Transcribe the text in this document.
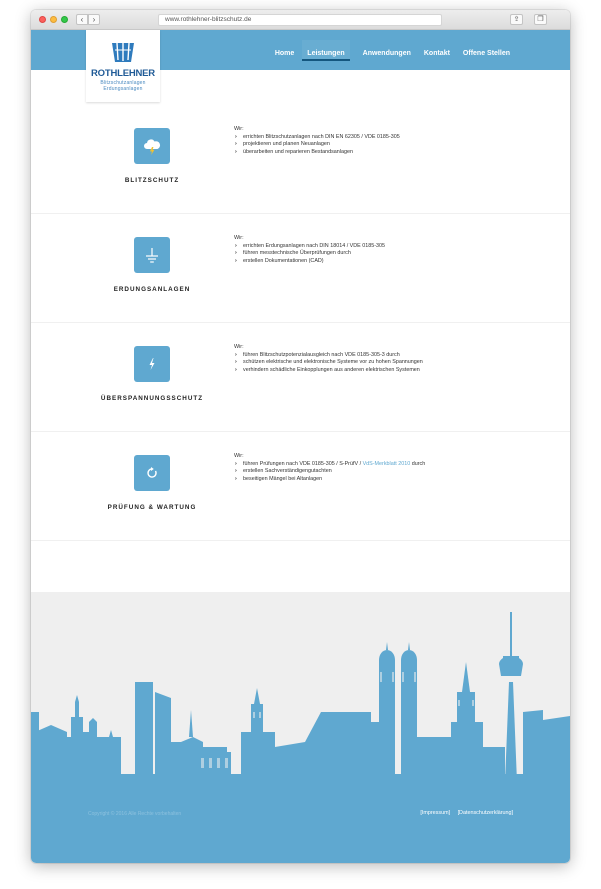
‹	›	www.rothlehner-blitzschutz.de	⇪	❐
ROTHLEHNER
Blitzschutzanlagen
Erdungsanlagen
Home	Leistungen	Anwendungen Kontakt Offene Stellen
BLITZSCHUTZ
Wir:
› errichten Blitzschutzanlagen nach DIN EN 62305 / VDE 0185-305
› projektieren und planen Neuanlagen
› überarbeiten und reparieren Bestandsanlagen
ERDUNGSANLAGEN
Wir:
› errichten Erdungsanlagen nach DIN 18014 / VDE 0185-305
› führen messtechnische Überprüfungen durch
› erstellen Dokumentationen (CAD)
ÜBERSPANNUNGSSCHUTZ
Wir:
› führen Blitzschutzpotenzialausgleich nach VDE 0185-305-3 durch
› schützen elektrische und elektronische Systeme vor zu hohen Spannungen
› verhindern schädliche Einkopplungen aus anderen elektrischen Systemen
PRÜFUNG & WARTUNG
Wir:
› führen Prüfungen nach VDE 0185-305 / S-PrüfV / VdS-Merkblatt 2010 durch
› erstellen Sachverständigengutachten
› beseitigen Mängel bei Altanlagen
Copyright © 2016 Alle Rechte vorbehalten	[Impressum] [Datenschutzerklärung]
